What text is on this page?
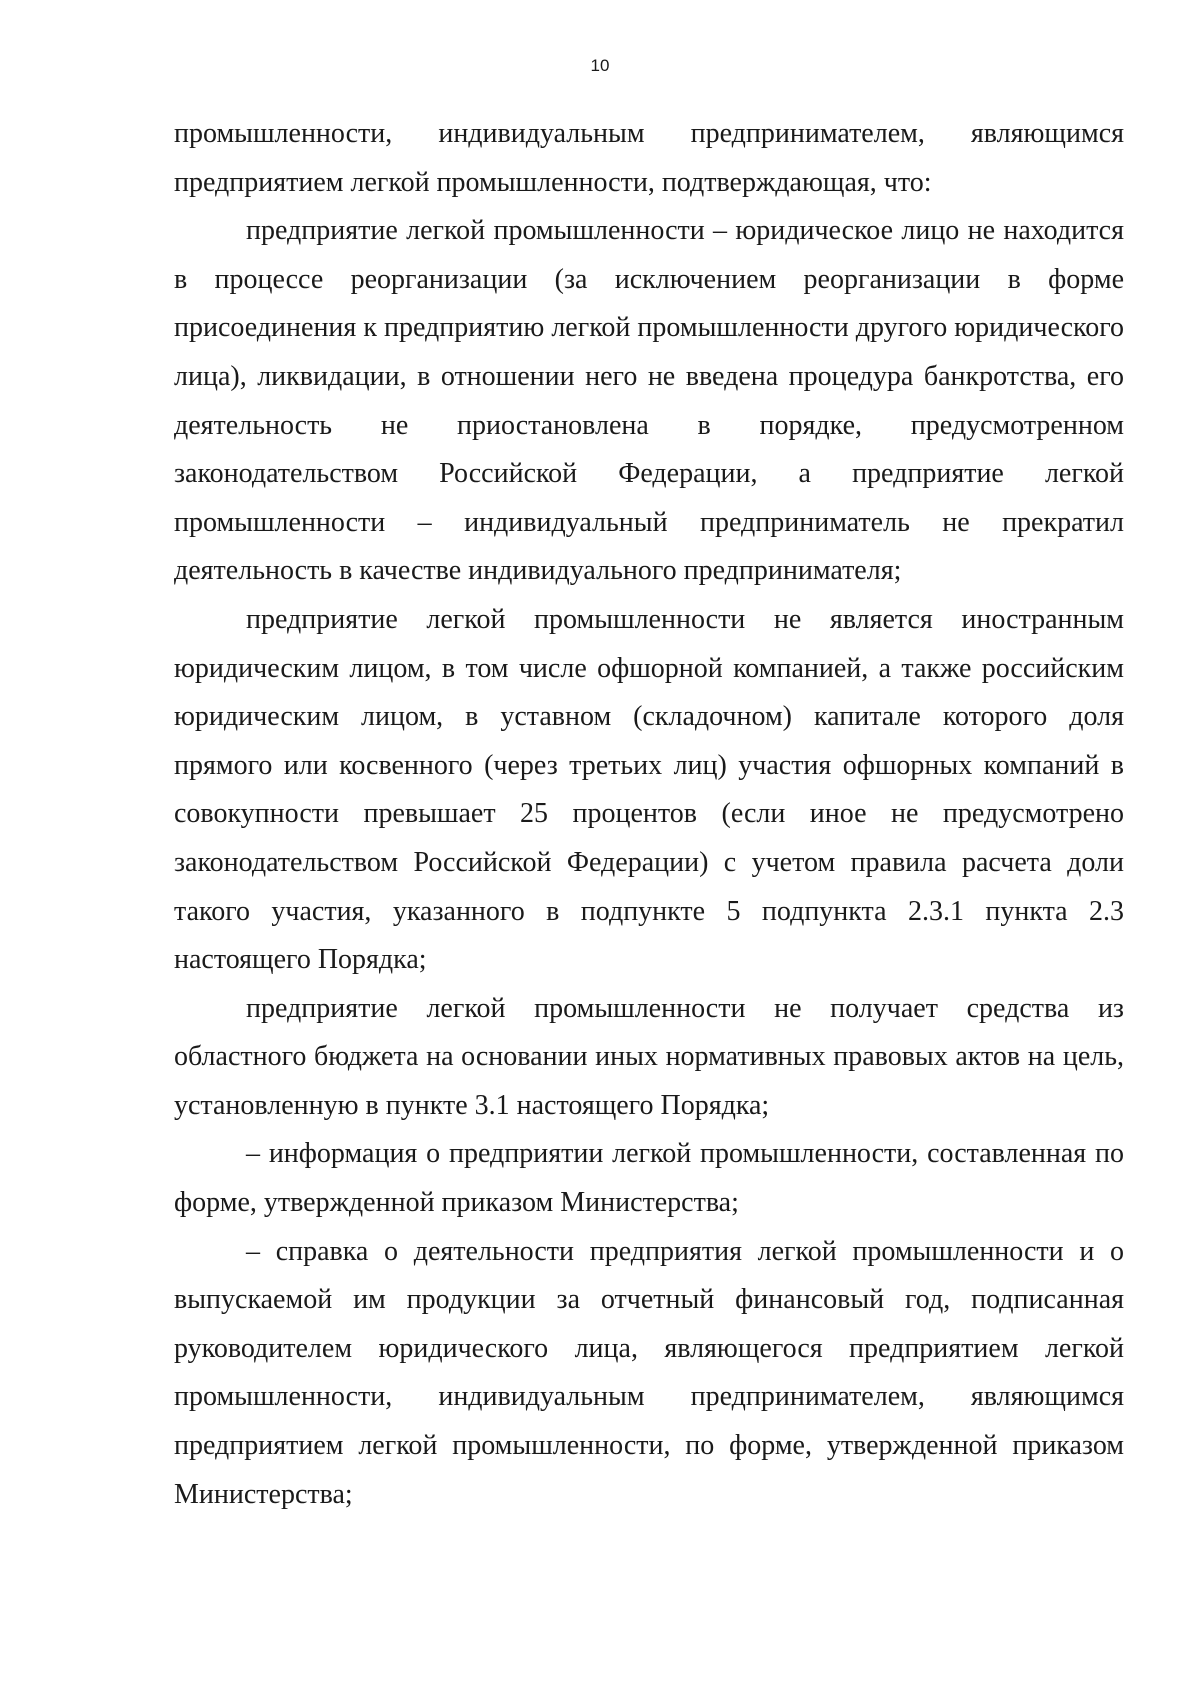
10

промышленности, индивидуальным предпринимателем, являющимся предприятием легкой промышленности, подтверждающая, что:

предприятие легкой промышленности – юридическое лицо не находится в процессе реорганизации (за исключением реорганизации в форме присоединения к предприятию легкой промышленности другого юридического лица), ликвидации, в отношении него не введена процедура банкротства, его деятельность не приостановлена в порядке, предусмотренном законодательством Российской Федерации, а предприятие легкой промышленности – индивидуальный предприниматель не прекратил деятельность в качестве индивидуального предпринимателя;

предприятие легкой промышленности не является иностранным юридическим лицом, в том числе офшорной компанией, а также российским юридическим лицом, в уставном (складочном) капитале которого доля прямого или косвенного (через третьих лиц) участия офшорных компаний в совокупности превышает 25 процентов (если иное не предусмотрено законодательством Российской Федерации) с учетом правила расчета доли такого участия, указанного в подпункте 5 подпункта 2.3.1 пункта 2.3 настоящего Порядка;

предприятие легкой промышленности не получает средства из областного бюджета на основании иных нормативных правовых актов на цель, установленную в пункте 3.1 настоящего Порядка;

– информация о предприятии легкой промышленности, составленная по форме, утвержденной приказом Министерства;

– справка о деятельности предприятия легкой промышленности и о выпускаемой им продукции за отчетный финансовый год, подписанная руководителем юридического лица, являющегося предприятием легкой промышленности, индивидуальным предпринимателем, являющимся предприятием легкой промышленности, по форме, утвержденной приказом Министерства;
